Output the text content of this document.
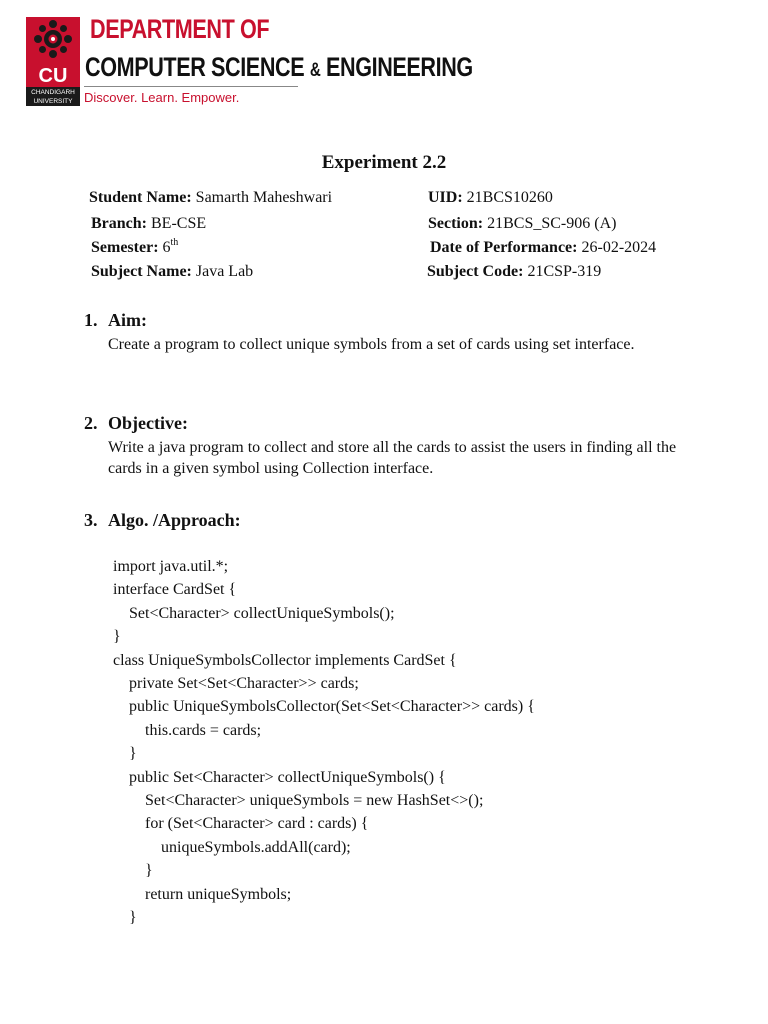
CU
CHANDIGARH UNIVERSITY
DEPARTMENT OF
COMPUTER SCIENCE & ENGINEERING
Discover. Learn. Empower.
Experiment 2.2
Student Name: Samarth Maheshwari	UID: 21BCS10260
Branch: BE-CSE	Section: 21BCS_SC-906 (A)
Semester: 6th	Date of Performance: 26-02-2024
Subject Name: Java Lab	Subject Code: 21CSP-319
1. Aim:
Create a program to collect unique symbols from a set of cards using set interface.
2. Objective:
Write a java program to collect and store all the cards to assist the users in finding all the cards in a given symbol using Collection interface.
3. Algo. /Approach:
import java.util.*;
interface CardSet {
Set<Character> collectUniqueSymbols();
}
class UniqueSymbolsCollector implements CardSet {
private Set<Set<Character>> cards;
public UniqueSymbolsCollector(Set<Set<Character>> cards) {
this.cards = cards;
}
public Set<Character> collectUniqueSymbols() {
Set<Character> uniqueSymbols = new HashSet<>();
for (Set<Character> card : cards) {
uniqueSymbols.addAll(card);
}
return uniqueSymbols;
}
